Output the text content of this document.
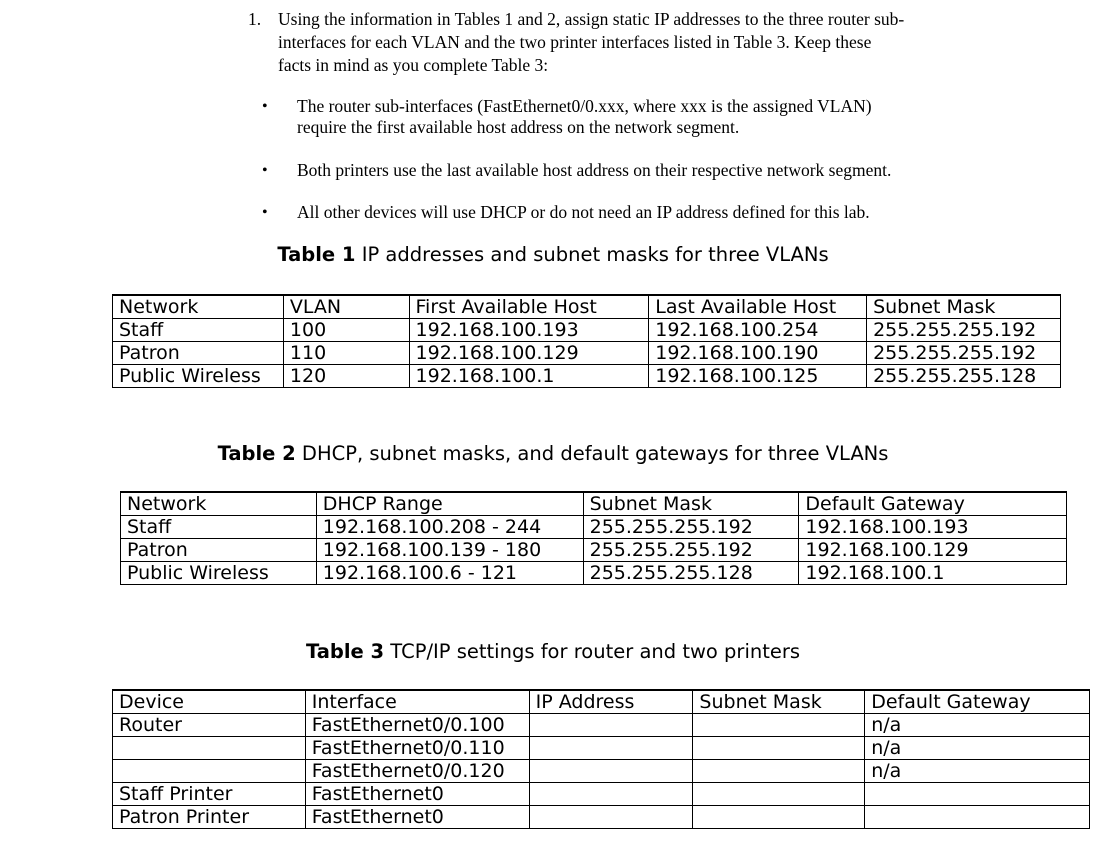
1. Using the information in Tables 1 and 2, assign static IP addresses to the three router sub-
interfaces for each VLAN and the two printer interfaces listed in Table 3. Keep these
facts in mind as you complete Table 3:
•	The router sub-interfaces (FastEthernet0/0.xxx, where xxx is the assigned VLAN)
require the first available host address on the network segment.
•	Both printers use the last available host address on their respective network segment.
•	All other devices will use DHCP or do not need an IP address defined for this lab.
Table 1 IP addresses and subnet masks for three VLANs
Network	VLAN	First Available Host	Last Available Host	Subnet Mask
Staff	100	192.168.100.193	192.168.100.254	255.255.255.192
Patron	110	192.168.100.129	192.168.100.190	255.255.255.192
Public Wireless	120	192.168.100.1	192.168.100.125	255.255.255.128
Table 2 DHCP, subnet masks, and default gateways for three VLANs
Network	DHCP Range	Subnet Mask	Default Gateway
Staff	192.168.100.208 - 244	255.255.255.192	192.168.100.193
Patron	192.168.100.139 - 180	255.255.255.192	192.168.100.129
Public Wireless	192.168.100.6 - 121	255.255.255.128	192.168.100.1
Table 3 TCP/IP settings for router and two printers
Device	Interface	IP Address	Subnet Mask	Default Gateway
Router	FastEthernet0/0.100			n/a
	FastEthernet0/0.110			n/a
	FastEthernet0/0.120			n/a
Staff Printer	FastEthernet0			
Patron Printer	FastEthernet0			
